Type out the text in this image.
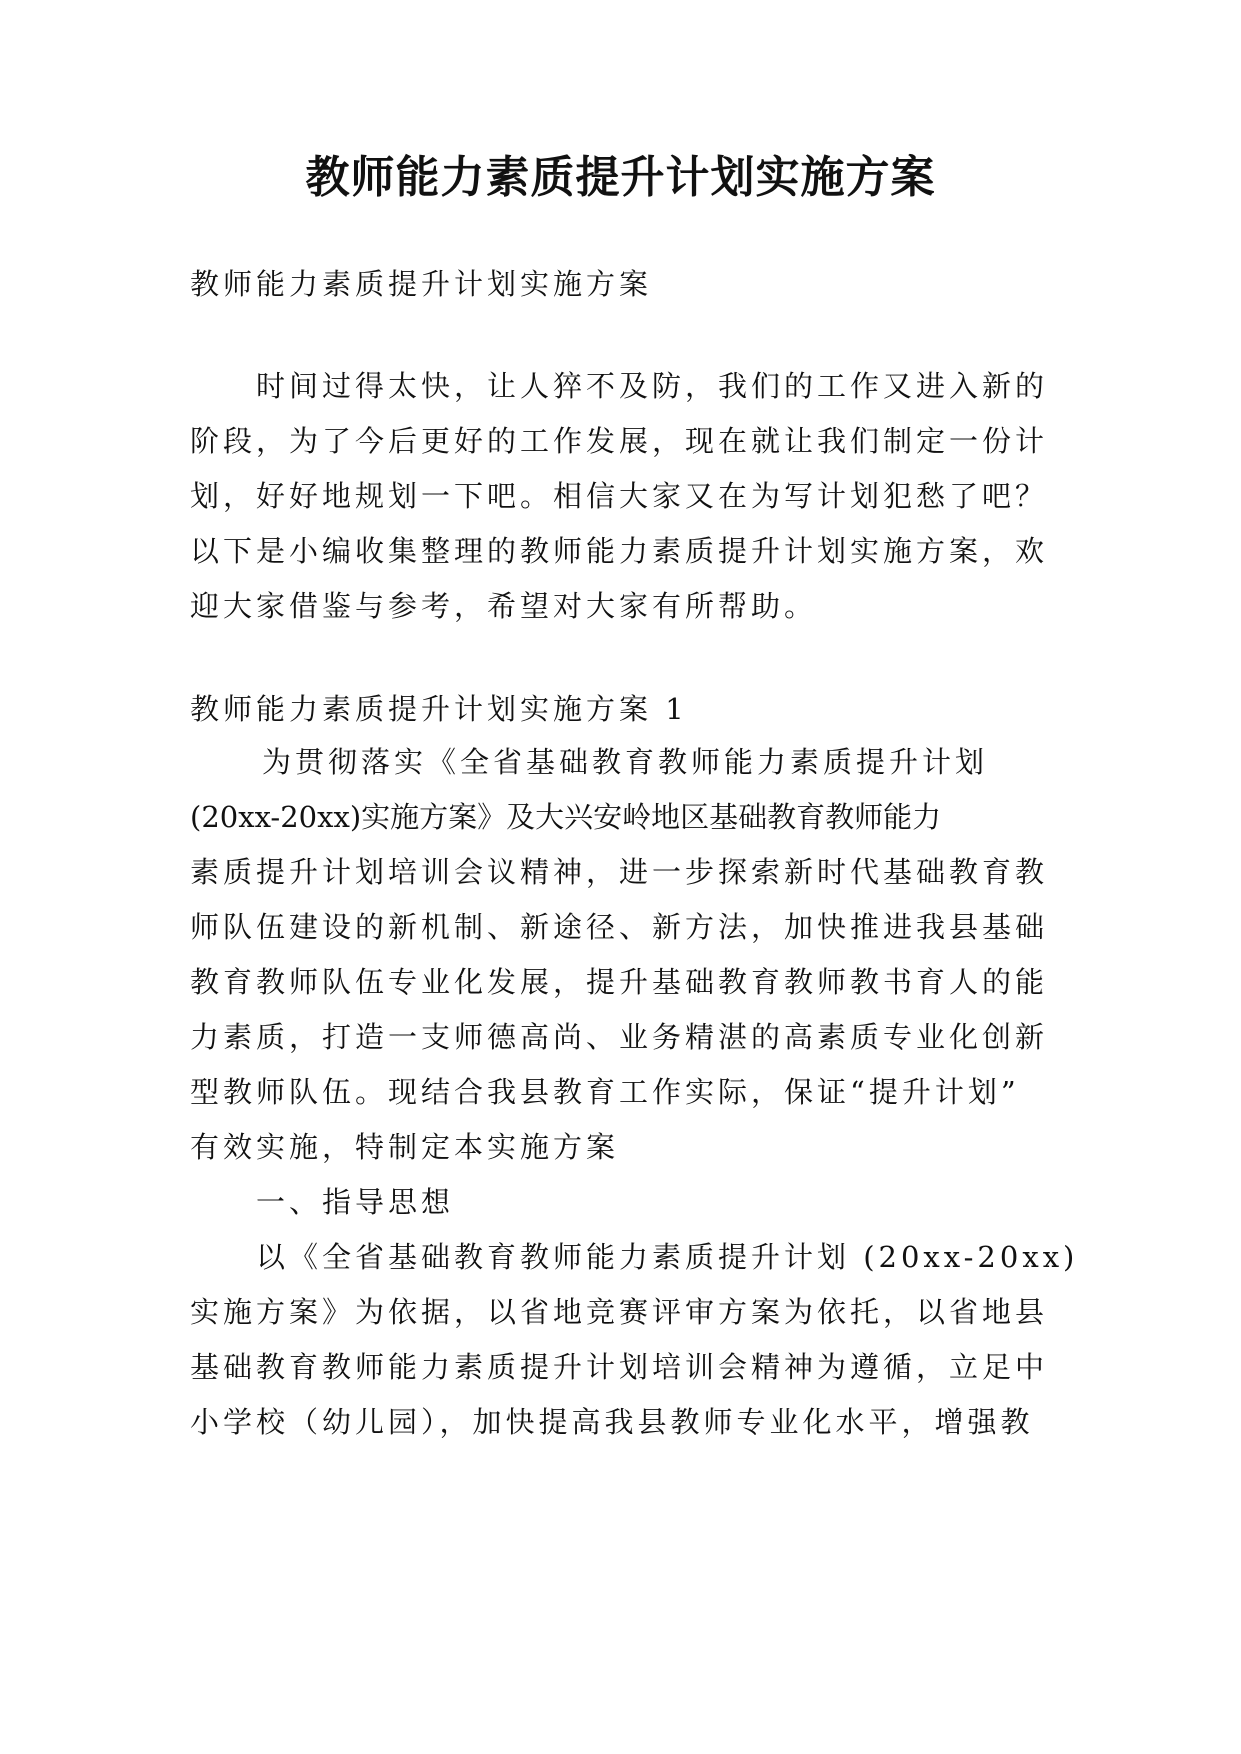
教师能力素质提升计划实施方案

教师能力素质提升计划实施方案

时间过得太快，让人猝不及防，我们的工作又进入新的

阶段，为了今后更好的工作发展，现在就让我们制定一份计

划，好好地规划一下吧。相信大家又在为写计划犯愁了吧？

以下是小编收集整理的教师能力素质提升计划实施方案，欢

迎大家借鉴与参考，希望对大家有所帮助。

教师能力素质提升计划实施方案 1

为贯彻落实《全省基础教育教师能力素质提升计划

(20xx-20xx)实施方案》及大兴安岭地区基础教育教师能力

素质提升计划培训会议精神，进一步探索新时代基础教育教

师队伍建设的新机制、新途径、新方法，加快推进我县基础

教育教师队伍专业化发展，提升基础教育教师教书育人的能

力素质，打造一支师德高尚、业务精湛的高素质专业化创新

型教师队伍。现结合我县教育工作实际，保证“提升计划”

有效实施，特制定本实施方案

一、指导思想

以《全省基础教育教师能力素质提升计划 (20xx-20xx)

实施方案》为依据，以省地竞赛评审方案为依托，以省地县

基础教育教师能力素质提升计划培训会精神为遵循，立足中

小学校（幼儿园），加快提高我县教师专业化水平，增强教
